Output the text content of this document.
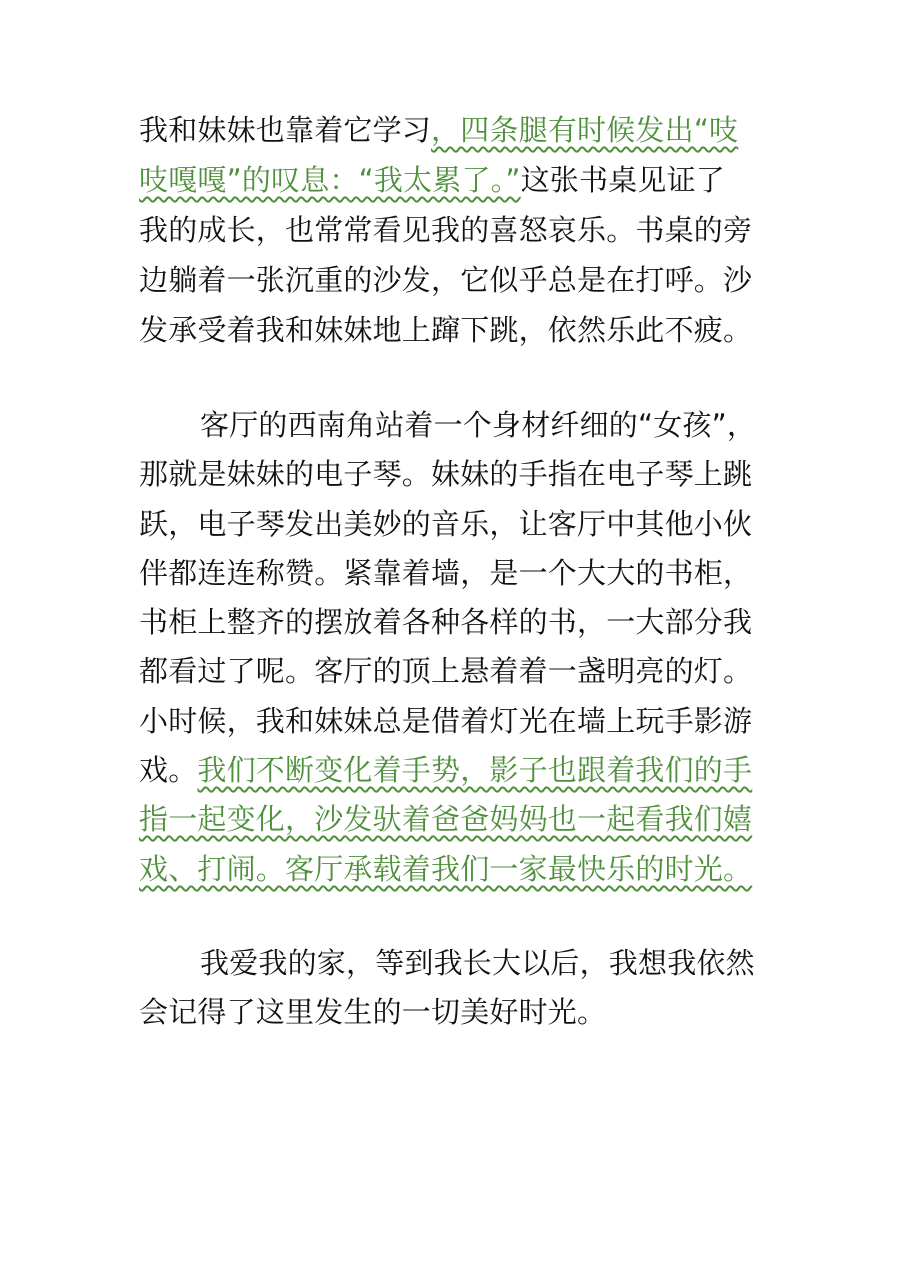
我和妹妹也靠着它学习，四条腿有时候发出“吱
吱嘎嘎”的叹息：“我太累了。”这张书桌见证了
我的成长，也常常看见我的喜怒哀乐。书桌的旁
边躺着一张沉重的沙发，它似乎总是在打呼。沙
发承受着我和妹妹地上蹿下跳，依然乐此不疲。
客厅的西南角站着一个身材纤细的“女孩”，
那就是妹妹的电子琴。妹妹的手指在电子琴上跳
跃，电子琴发出美妙的音乐，让客厅中其他小伙
伴都连连称赞。紧靠着墙，是一个大大的书柜，
书柜上整齐的摆放着各种各样的书，一大部分我
都看过了呢。客厅的顶上悬着着一盏明亮的灯。
小时候，我和妹妹总是借着灯光在墙上玩手影游
戏。我们不断变化着手势，影子也跟着我们的手
指一起变化，沙发驮着爸爸妈妈也一起看我们嬉
戏、打闹。客厅承载着我们一家最快乐的时光。
我爱我的家，等到我长大以后，我想我依然
会记得了这里发生的一切美好时光。
